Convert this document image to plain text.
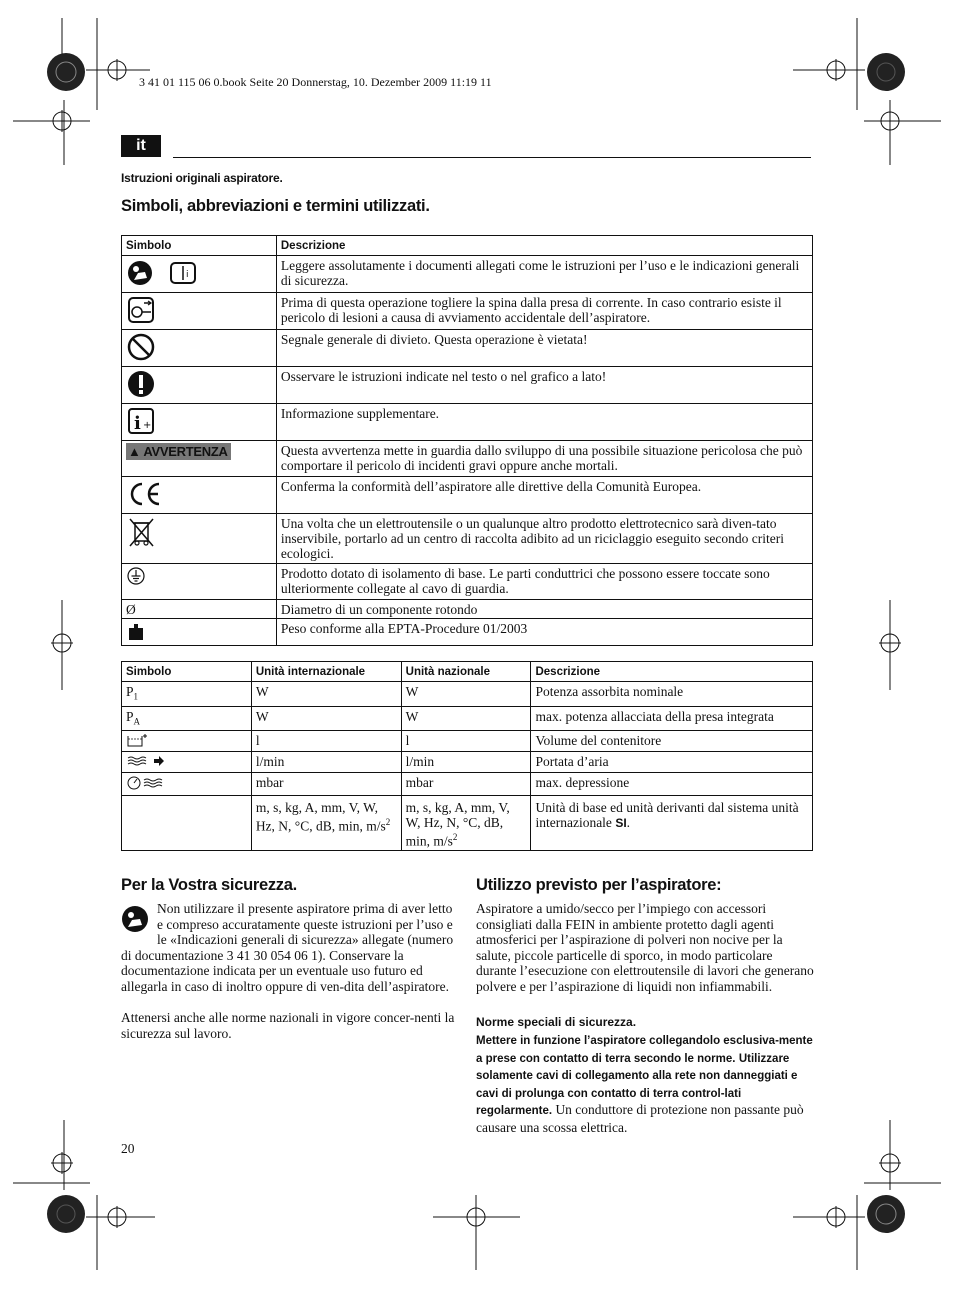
3 41 01 115 06 0.book Seite 20 Donnerstag, 10. Dezember 2009 11:19 11
it
Istruzioni originali aspiratore.
Simboli, abbreviazioni e termini utilizzati.
Simbolo	Descrizione

i	Leggere assolutamente i documenti allegati come le istruzioni per l’uso e le indicazioni generali di sicurezza.
	Prima di questa operazione togliere la spina dalla presa di corrente. In caso contrario esiste il pericolo di lesioni a causa di avviamento accidentale dell’aspiratore.
	Segnale generale di divieto. Questa operazione è vietata!
	Osservare le istruzioni indicate nel testo o nel grafico a lato!

i +	Informazione supplementare.
▲ AVVERTENZA	Questa avvertenza mette in guardia dallo sviluppo di una possibile situazione pericolosa che può comportare il pericolo di incidenti gravi oppure anche mortali.
	Conferma la conformità dell’aspiratore alle direttive della Comunità Europea.
	Una volta che un elettroutensile o un qualunque altro prodotto elettrotecnico sarà diven-tato inservibile, portarlo ad un centro di raccolta adibito ad un riciclaggio eseguito secondo criteri ecologici.
	Prodotto dotato di isolamento di base. Le parti conduttrici che possono essere toccate sono ulteriormente collegate al cavo di guardia.
Ø	Diametro di un componente rotondo
	Peso conforme alla EPTA-Procedure 01/2003
Simbolo	Unità internazionale	Unità nazionale	Descrizione
$P_1$	W	W	Potenza assorbita nominale
$P_A$	W	W	max. potenza allacciata della presa integrata
	l	l	Volume del contenitore
	l/min	l/min	Portata d’aria
	mbar	mbar	max. depressione
	m, s, kg, A, mm, V, W, Hz, N, °C, dB, min, $m/s^2$	m, s, kg, A, mm, V, W, Hz, N, °C, dB, min, $m/s^2$	Unità di base ed unità derivanti dal sistema unità internazionale SI.
Per la Vostra sicurezza.
Non utilizzare il presente aspiratore prima di aver letto e compreso accuratamente queste istruzioni per l’uso e le «Indicazioni generali di sicurezza» allegate (numero di documentazione 3 41 30 054 06 1). Conservare la documentazione indicata per un eventuale uso futuro ed allegarla in caso di inoltro oppure di ven-dita dell’aspiratore.
Attenersi anche alle norme nazionali in vigore concer-nenti la sicurezza sul lavoro.
Utilizzo previsto per l’aspiratore:
Aspiratore a umido/secco per l’impiego con accessori consigliati dalla FEIN in ambiente protetto dagli agenti atmosferici per l’aspirazione di polveri non nocive per la salute, piccole particelle di sporco, in modo particolare durante l’esecuzione con elettroutensile di lavori che generano polvere e per l’aspirazione di liquidi non infiammabili.
Norme speciali di sicurezza.
Mettere in funzione l’aspiratore collegandolo esclusiva-mente a prese con contatto di terra secondo le norme. Utilizzare solamente cavi di collegamento alla rete non danneggiati e cavi di prolunga con contatto di terra control-lati regolarmente. Un conduttore di protezione non passante può causare una scossa elettrica.
20
